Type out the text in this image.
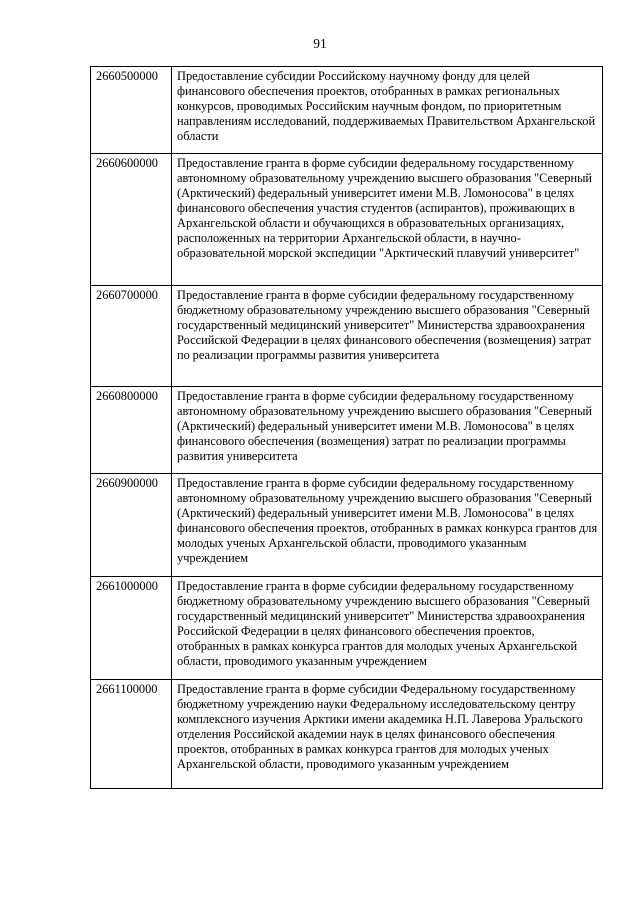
91
2660500000	Предоставление субсидии Российскому научному фонду для целей финансового обеспечения проектов, отобранных в рамках региональных конкурсов, проводимых Российским научным фондом, по приоритетным направлениям исследований, поддерживаемых Правительством Архангельской области
2660600000	Предоставление гранта в форме субсидии федеральному государственному автономному образовательному учреждению высшего образования "Северный (Арктический) федеральный университет имени М.В. Ломоносова" в целях финансового обеспечения участия студентов (аспирантов), проживающих в Архангельской области и обучающихся в образовательных организациях, расположенных на территории Архангельской области, в научно-образовательной морской экспедиции "Арктический плавучий университет"
2660700000	Предоставление гранта в форме субсидии федеральному государственному бюджетному образовательному учреждению высшего образования "Северный государственный медицинский университет" Министерства здравоохранения Российской Федерации в целях финансового обеспечения (возмещения) затрат по реализации программы развития университета
2660800000	Предоставление гранта в форме субсидии федеральному государственному автономному образовательному учреждению высшего образования "Северный (Арктический) федеральный университет имени М.В. Ломоносова" в целях финансового обеспечения (возмещения) затрат по реализации программы развития университета
2660900000	Предоставление гранта в форме субсидии федеральному государственному автономному образовательному учреждению высшего образования "Северный (Арктический) федеральный университет имени М.В. Ломоносова" в целях финансового обеспечения проектов, отобранных в рамках конкурса грантов для молодых ученых Архангельской области, проводимого указанным учреждением
2661000000	Предоставление гранта в форме субсидии федеральному государственному бюджетному образовательному учреждению высшего образования "Северный государственный медицинский университет" Министерства здравоохранения Российской Федерации в целях финансового обеспечения проектов, отобранных в рамках конкурса грантов для молодых ученых Архангельской области, проводимого указанным учреждением
2661100000	Предоставление гранта в форме субсидии Федеральному государственному бюджетному учреждению науки Федеральному исследовательскому центру комплексного изучения Арктики имени академика Н.П. Лаверова Уральского отделения Российской академии наук в целях финансового обеспечения проектов, отобранных в рамках конкурса грантов для молодых ученых Архангельской области, проводимого указанным учреждением
